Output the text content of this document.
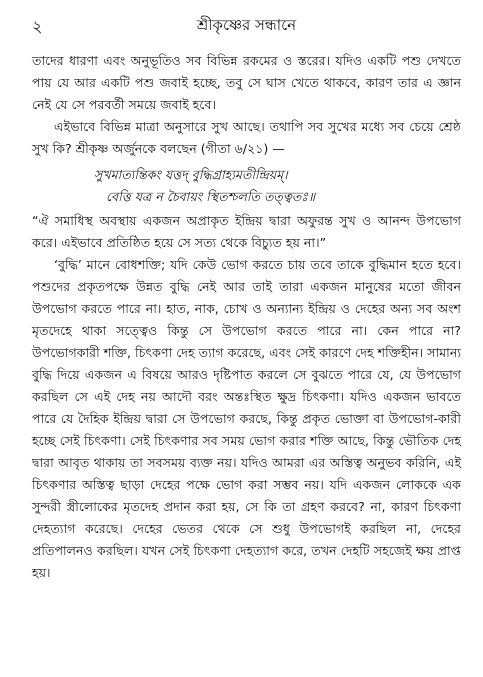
২	শ্রীকৃষ্ণের সন্ধানে

তাদের ধারণা এবং অনুভূতিও সব বিভিন্ন রকমের ও স্তরের। যদিও একটি পশু দেখতে পায় যে আর একটি পশু জবাই হচ্ছে, তবু সে ঘাস খেতে থাকবে, কারণ তার এ জ্ঞান নেই যে সে পরবর্তী সময়ে জবাই হবে।

এইভাবে বিভিন্ন মাত্রা অনুসারে সুখ আছে। তথাপি সব সুখের মধ্যে সব চেয়ে শ্রেষ্ঠ সুখ কি? শ্রীকৃষ্ণ অর্জুনকে বলছেন (গীতা ৬/২১) —

সুখমাত্যন্তিকং যত্তদ্ বুদ্ধিগ্রাহ্যমতীন্দ্রিয়ম্।
বেত্তি যত্র ন চৈবায়ং স্থিতশ্চলতি তত্ত্বতঃ॥

“ঐ সমাধিস্থ অবস্থায় একজন অপ্রাকৃত ইন্দ্রিয় দ্বারা অফুরন্ত সুখ ও আনন্দ উপভোগ করে। এইভাবে প্রতিষ্ঠিত হয়ে সে সত্য থেকে বিচ্যুত হয় না।”

‘বুদ্ধি’ মানে বোধশক্তি; যদি কেউ ভোগ করতে চায় তবে তাকে বুদ্ধিমান হতে হবে। পশুদের প্রকৃতপক্ষে উন্নত বুদ্ধি নেই আর তাই তারা একজন মানুষের মতো জীবন উপভোগ করতে পারে না। হাত, নাক, চোখ ও অন্যান্য ইন্দ্রিয় ও দেহের অন্য সব অংশ মৃতদেহে থাকা সত্ত্বেও কিন্তু সে উপভোগ করতে পারে না। কেন পারে না? উপভোগকারী শক্তি, চিৎকণা দেহ ত্যাগ করেছে, এবং সেই কারণে দেহ শক্তিহীন। সামান্য বুদ্ধি দিয়ে একজন এ বিষয়ে আরও দৃষ্টিপাত করলে সে বুঝতে পারে যে, যে উপভোগ করছিল সে এই দেহ নয় আদৌ বরং অন্তঃস্থিত ক্ষুদ্র চিৎকণা। যদিও একজন ভাবতে পারে যে দৈহিক ইন্দ্রিয় দ্বারা সে উপভোগ করছে, কিন্তু প্রকৃত ভোক্তা বা উপভোগ-কারী হচ্ছে সেই চিৎকণা। সেই চিৎকণার সব সময় ভোগ করার শক্তি আছে, কিন্তু ভৌতিক দেহ দ্বারা আবৃত থাকায় তা সবসময় ব্যক্ত নয়। যদিও আমরা এর অস্তিত্ব অনুভব করিনি, এই চিৎকণার অস্তিত্ব ছাড়া দেহের পক্ষে ভোগ করা সম্ভব নয়। যদি একজন লোককে এক সুন্দরী স্ত্রীলোকের মৃতদেহ প্রদান করা হয়, সে কি তা গ্রহণ করবে? না, কারণ চিৎকণা দেহত্যাগ করেছে। দেহের ভেতর থেকে সে শুধু উপভোগই করছিল না, দেহের প্রতিপালনও করছিল। যখন সেই চিৎকণা দেহত্যাগ করে, তখন দেহটি সহজেই ক্ষয় প্রাপ্ত হয়।
